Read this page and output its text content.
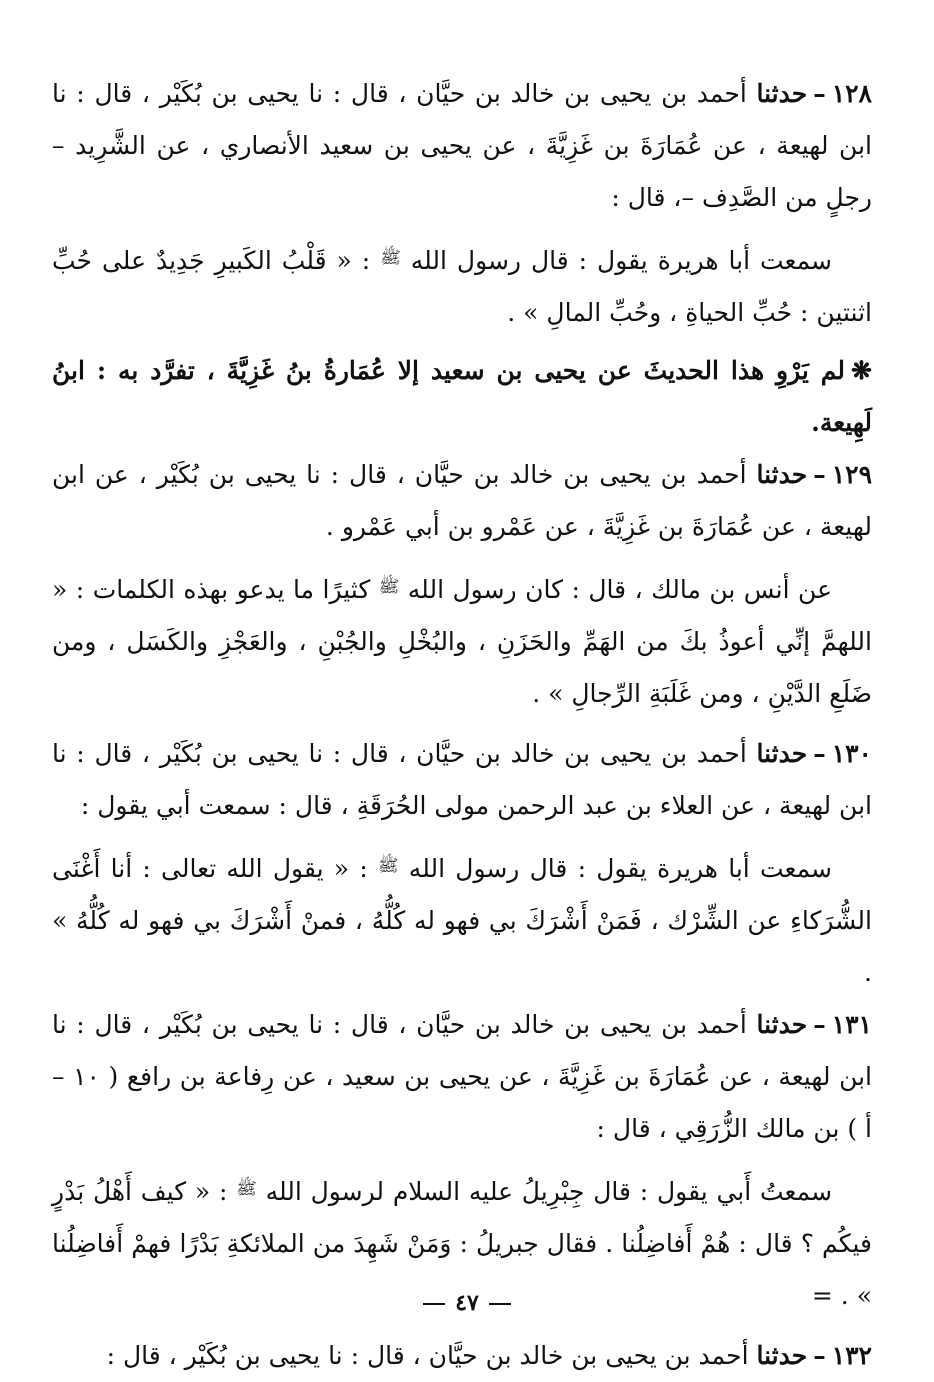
١٢٨–حدثنا أحمد بن يحيى بن خالد بن حيَّان ، قال : نا يحيى بن بُكَيْر ، قال : نا ابن لهيعة ، عن عُمَارَةَ بن غَزِيَّةَ ، عن يحيى بن سعيد الأنصاري ، عن الشَّرِيد – رجلٍ من الصَّدِف –، قال :

سمعت أبا هريرة يقول : قال رسول الله $^ﷺ$ : « قَلْبُ الكَبيرِ جَدِيدٌ على حُبِّ اثنتين : حُبِّ الحياةِ ، وحُبِّ المالِ » .

❋لم يَرْوِ هذا الحديثَ عن يحيى بن سعيد إلا عُمَارةُ بنُ غَزِيَّةَ ، تفرَّد به : ابنُ لَهِيعة.

١٢٩–حدثنا أحمد بن يحيى بن خالد بن حيَّان ، قال : نا يحيى بن بُكَيْر ، عن ابن لهيعة ، عن عُمَارَةَ بن غَزِيَّةَ ، عن عَمْرو بن أبي عَمْرو .

عن أنس بن مالك ، قال : كان رسول الله $^ﷺ$ كثيرًا ما يدعو بهذه الكلمات : « اللهمَّ إنِّي أعوذُ بكَ من الهَمِّ والحَزَنِ ، والبُخْلِ والجُبْنِ ، والعَجْزِ والكَسَل ، ومن ضَلَعِ الدَّيْنِ ، ومن غَلَبَةِ الرِّجالِ » .

١٣٠–حدثنا أحمد بن يحيى بن خالد بن حيَّان ، قال : نا يحيى بن بُكَيْر ، قال : نا ابن لهيعة ، عن العلاء بن عبد الرحمن مولى الحُرَقَةِ ، قال : سمعت أبي يقول :

سمعت أبا هريرة يقول : قال رسول الله $^ﷺ$ : « يقول الله تعالى : أنا أَغْنَى الشُّرَكاءِ عن الشِّرْك ، فَمَنْ أَشْرَكَ بي فهو له كُلُّهُ ، فمنْ أَشْرَكَ بي فهو له كُلُّهُ » .

١٣١–حدثنا أحمد بن يحيى بن خالد بن حيَّان ، قال : نا يحيى بن بُكَيْر ، قال : نا ابن لهيعة ، عن عُمَارَةَ بن غَزِيَّةَ ، عن يحيى بن سعيد ، عن رِفاعة بن رافع ( ١٠ – أ ) بن مالك الزُّرَقِي ، قال :

سمعتُ أَبي يقول : قال جِبْرِيلُ عليه السلام لرسول الله $^ﷺ$ : « كيف أَهْلُ بَدْرٍ فيكُم ؟ قال : هُمْ أَفاضِلُنا . فقال جبريلُ : وَمَنْ شَهِدَ من الملائكةِ بَدْرًا فهمْ أَفاضِلُنا » . =

١٣٢–حدثنا أحمد بن يحيى بن خالد بن حيَّان ، قال : نا يحيى بن بُكَيْر ، قال :

٤٧
